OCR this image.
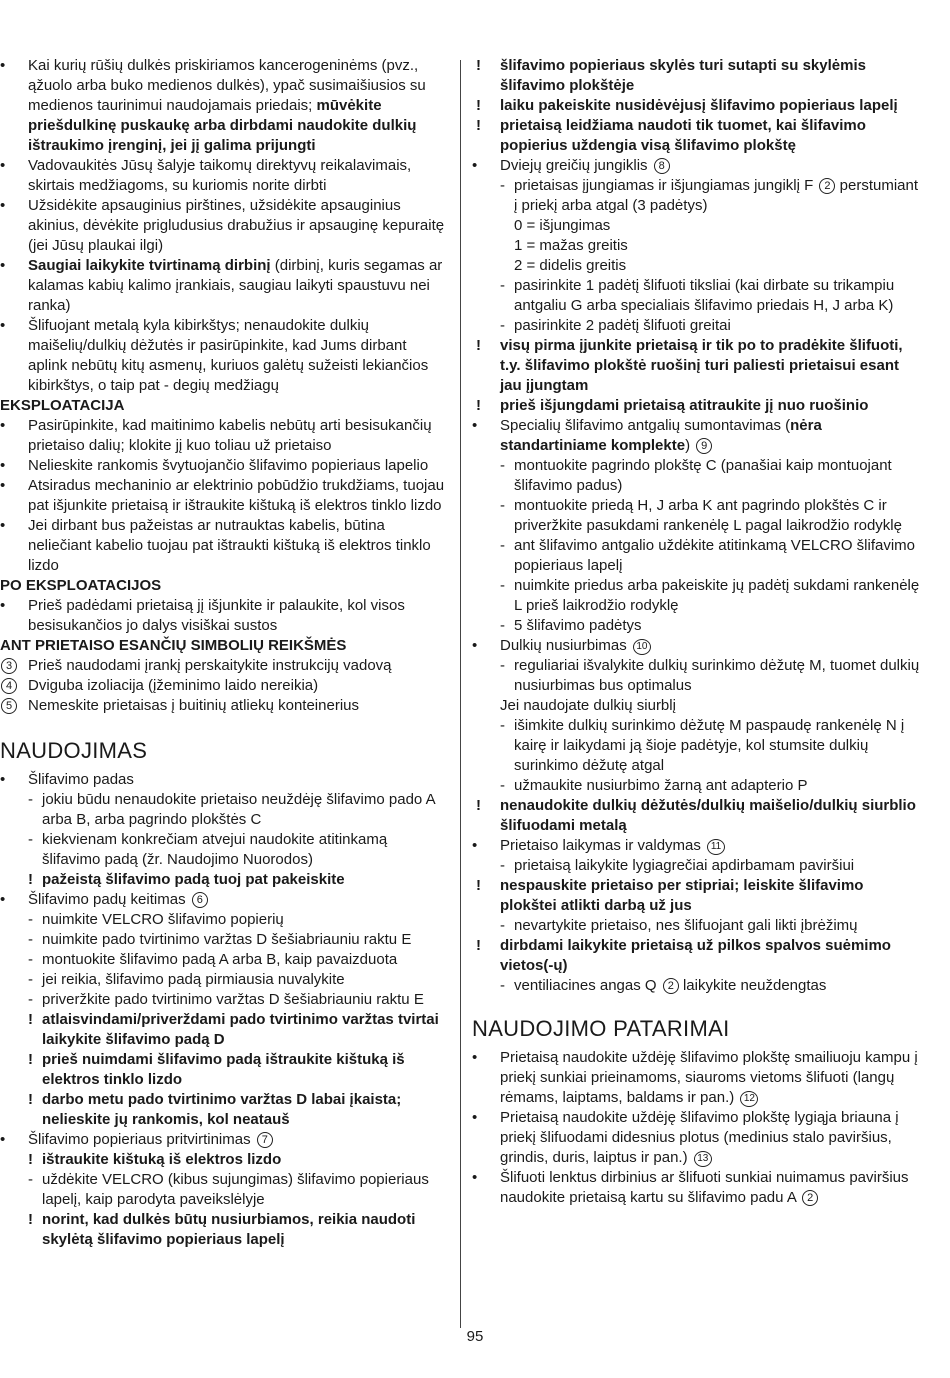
• Kai kurių rūšių dulkės priskiriamos kancerogeninėms (pvz., ąžuolo arba buko medienos dulkės), ypač susimaišiusios su medienos taurinimui naudojamais priedais; mūvėkite priešdulkinę puskaukę arba dirbdami naudokite dulkių ištraukimo įrenginį, jei jį galima prijungti

• Vadovaukitės Jūsų šalyje taikomų direktyvų reikalavimais, skirtais medžiagoms, su kuriomis norite dirbti

• Užsidėkite apsauginius pirštines, užsidėkite apsauginius akinius, dėvėkite prigludusius drabužius ir apsauginę kepuraitę (jei Jūsų plaukai ilgi)

• Saugiai laikykite tvirtinamą dirbinį (dirbinį, kuris segamas ar kalamas kabių kalimo įrankiais, saugiau laikyti spaustuvu nei ranka)

• Šlifuojant metalą kyla kibirkštys; nenaudokite dulkių maišelių/dulkių dėžutės ir pasirūpinkite, kad Jums dirbant aplink nebūtų kitų asmenų, kuriuos galėtų sužeisti lekiančios kibirkštys, o taip pat - degių medžiagų

EKSPLOATACIJA

• Pasirūpinkite, kad maitinimo kabelis nebūtų arti besisukančių prietaiso dalių; klokite jį kuo toliau už prietaiso

• Nelieskite rankomis švytuojančio šlifavimo popieriaus lapelio

• Atsiradus mechaninio ar elektrinio pobūdžio trukdžiams, tuojau pat išjunkite prietaisą ir ištraukite kištuką iš elektros tinklo lizdo

• Jei dirbant bus pažeistas ar nutrauktas kabelis, būtina neliečiant kabelio tuojau pat ištraukti kištuką iš elektros tinklo lizdo

PO EKSPLOATACIJOS

• Prieš padėdami prietaisą jį išjunkite ir palaukite, kol visos besisukančios jo dalys visiškai sustos

ANT PRIETAISO ESANČIŲ SIMBOLIŲ REIKŠMĖS

3	Prieš naudodami įrankį perskaitykite instrukcijų vadovą

4	Dviguba izoliacija (įžeminimo laido nereikia)

5	Nemeskite prietaisas į buitinių atliekų konteinerius

NAUDOJIMAS

• Šlifavimo padas

- jokiu būdu nenaudokite prietaiso neuždėję šlifavimo pado A arba B, arba pagrindo plokštės C

- kiekvienam konkrečiam atvejui naudokite atitinkamą šlifavimo padą (žr. Naudojimo Nuorodos)

! pažeistą šlifavimo padą tuoj pat pakeiskite

• Šlifavimo padų keitimas 6

- nuimkite VELCRO šlifavimo popierių

- nuimkite pado tvirtinimo varžtas D šešiabriauniu raktu E

- montuokite šlifavimo padą A arba B, kaip pavaizduota

- jei reikia, šlifavimo padą pirmiausia nuvalykite

- priveržkite pado tvirtinimo varžtas D šešiabriauniu raktu E

! atlaisvindami/priverždami pado tvirtinimo varžtas tvirtai laikykite šlifavimo padą D

! prieš nuimdami šlifavimo padą ištraukite kištuką iš elektros tinklo lizdo

! darbo metu pado tvirtinimo varžtas D labai įkaista; nelieskite jų rankomis, kol neatauš

• Šlifavimo popieriaus pritvirtinimas 7

! ištraukite kištuką iš elektros lizdo

- uždėkite VELCRO (kibus sujungimas) šlifavimo popieriaus lapelį, kaip parodyta paveikslėlyje

! norint, kad dulkės būtų nusiurbiamos, reikia naudoti skylėtą šlifavimo popieriaus lapelį

! šlifavimo popieriaus skylės turi sutapti su skylėmis šlifavimo plokštėje

! laiku pakeiskite nusidėvėjusį šlifavimo popieriaus lapelį

! prietaisą leidžiama naudoti tik tuomet, kai šlifavimo popierius uždengia visą šlifavimo plokštę

• Dviejų greičių jungiklis 8

- prietaisas įjungiamas ir išjungiamas jungiklį F 2 perstumiant į priekį arba atgal (3 padėtys)

0 = išjungimas

1 = mažas greitis

2 = didelis greitis

- pasirinkite 1 padėtį šlifuoti tiksliai (kai dirbate su trikampiu antgaliu G arba specialiais šlifavimo priedais H, J arba K)

- pasirinkite 2 padėtį šlifuoti greitai

! visų pirma įjunkite prietaisą ir tik po to pradėkite šlifuoti, t.y. šlifavimo plokštė ruošinį turi paliesti prietaisui esant jau įjungtam

! prieš išjungdami prietaisą atitraukite jį nuo ruošinio

• Specialių šlifavimo antgalių sumontavimas (nėra standartiniame komplekte) 9

- montuokite pagrindo plokštę C (panašiai kaip montuojant šlifavimo padus)

- montuokite priedą H, J arba K ant pagrindo plokštės C ir priveržkite pasukdami rankenėlę L pagal laikrodžio rodyklę

- ant šlifavimo antgalio uždėkite atitinkamą VELCRO šlifavimo popieriaus lapelį

- nuimkite priedus arba pakeiskite jų padėtį sukdami rankenėlę L prieš laikrodžio rodyklę

- 5 šlifavimo padėtys

• Dulkių nusiurbimas 10

- reguliariai išvalykite dulkių surinkimo dėžutę M, tuomet dulkių nusiurbimas bus optimalus

Jei naudojate dulkių siurblį

- išimkite dulkių surinkimo dėžutę M paspaudę rankenėlę N į kairę ir laikydami ją šioje padėtyje, kol stumsite dulkių surinkimo dėžutę atgal

- užmaukite nusiurbimo žarną ant adapterio P

! nenaudokite dulkių dėžutės/dulkių maišelio/dulkių siurblio šlifuodami metalą

• Prietaiso laikymas ir valdymas 11

- prietaisą laikykite lygiagrečiai apdirbamam paviršiui

! nespauskite prietaiso per stipriai; leiskite šlifavimo plokštei atlikti darbą už jus

- nevartykite prietaiso, nes šlifuojant gali likti įbrėžimų

! dirbdami laikykite prietaisą už pilkos spalvos suėmimo vietos(-ų)

- ventiliacines angas Q 2 laikykite neuždengtas

NAUDOJIMO PATARIMAI

• Prietaisą naudokite uždėję šlifavimo plokštę smailiuoju kampu į priekį sunkiai prieinamoms, siauroms vietoms šlifuoti (langų rėmams, laiptams, baldams ir pan.) 12

• Prietaisą naudokite uždėję šlifavimo plokštę lygiąja briauna į priekį šlifuodami didesnius plotus (medinius stalo paviršius, grindis, duris, laiptus ir pan.) 13

• Šlifuoti lenktus dirbinius ar šlifuoti sunkiai nuimamus paviršius naudokite prietaisą kartu su šlifavimo padu A 2

95
